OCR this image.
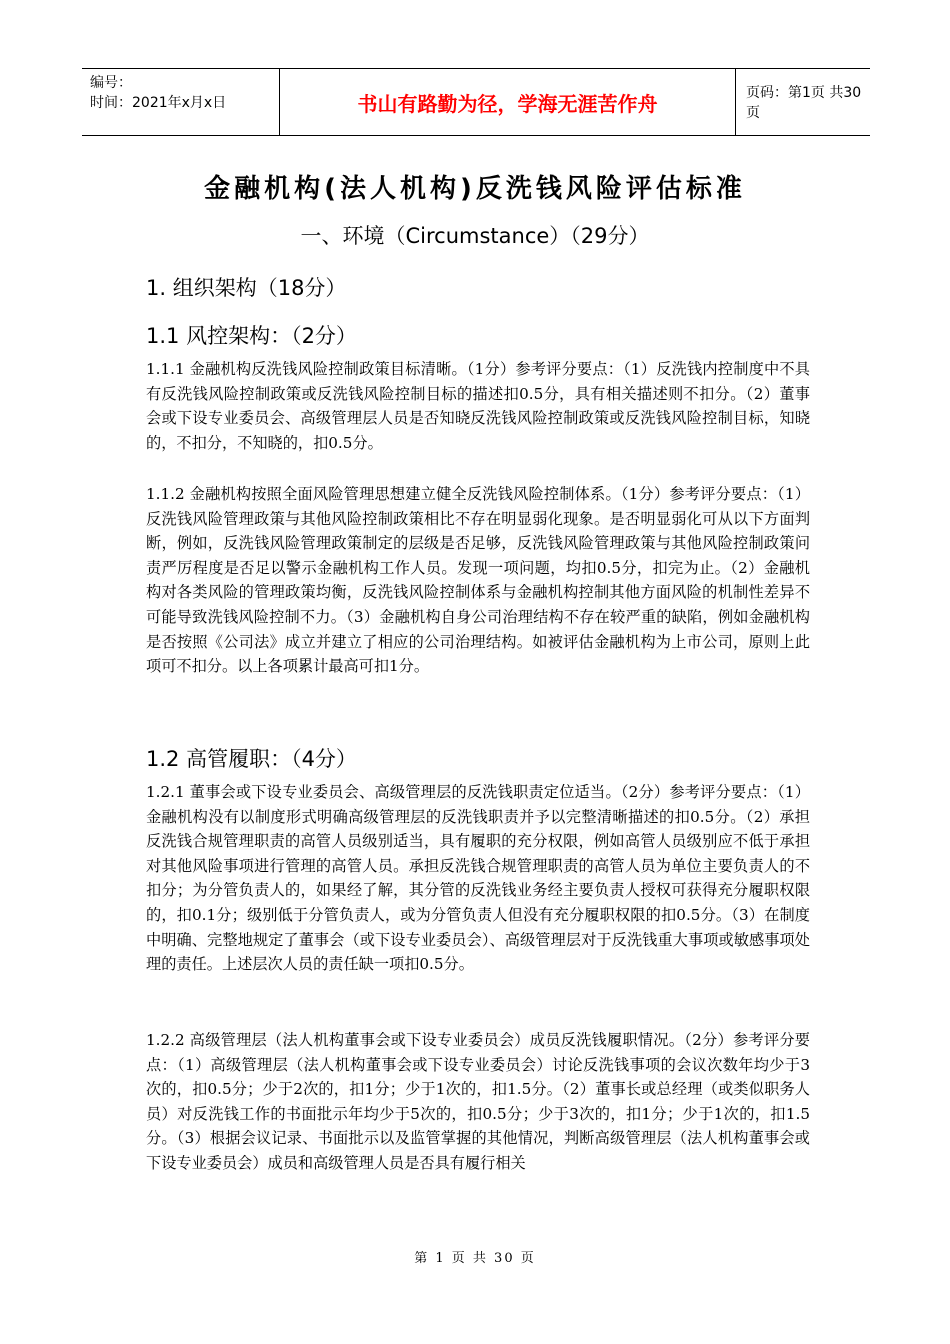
编号：
时间：2021年x月x日	书山有路勤为径，学海无涯苦作舟	页码：第1页 共30页
金融机构(法人机构)反洗钱风险评估标准
一、环境（Circumstance）（29分）
1. 组织架构（18分）
1.1 风控架构：（2分）
1.1.1 金融机构反洗钱风险控制政策目标清晰。（1分）参考评分要点：（1）反洗钱内控制度中不具有反洗钱风险控制政策或反洗钱风险控制目标的描述扣0.5分，具有相关描述则不扣分。（2）董事会或下设专业委员会、高级管理层人员是否知晓反洗钱风险控制政策或反洗钱风险控制目标，知晓的，不扣分，不知晓的，扣0.5分。
1.1.2 金融机构按照全面风险管理思想建立健全反洗钱风险控制体系。（1分）参考评分要点：（1）反洗钱风险管理政策与其他风险控制政策相比不存在明显弱化现象。是否明显弱化可从以下方面判断，例如，反洗钱风险管理政策制定的层级是否足够，反洗钱风险管理政策与其他风险控制政策问责严厉程度是否足以警示金融机构工作人员。发现一项问题，均扣0.5分，扣完为止。（2）金融机构对各类风险的管理政策均衡，反洗钱风险控制体系与金融机构控制其他方面风险的机制性差异不可能导致洗钱风险控制不力。（3）金融机构自身公司治理结构不存在较严重的缺陷，例如金融机构是否按照《公司法》成立并建立了相应的公司治理结构。如被评估金融机构为上市公司，原则上此项可不扣分。以上各项累计最高可扣1分。
1.2 高管履职：（4分）
1.2.1 董事会或下设专业委员会、高级管理层的反洗钱职责定位适当。（2分）参考评分要点：（1）金融机构没有以制度形式明确高级管理层的反洗钱职责并予以完整清晰描述的扣0.5分。（2）承担反洗钱合规管理职责的高管人员级别适当，具有履职的充分权限，例如高管人员级别应不低于承担对其他风险事项进行管理的高管人员。承担反洗钱合规管理职责的高管人员为单位主要负责人的不扣分；为分管负责人的，如果经了解，其分管的反洗钱业务经主要负责人授权可获得充分履职权限的，扣0.1分；级别低于分管负责人，或为分管负责人但没有充分履职权限的扣0.5分。（3）在制度中明确、完整地规定了董事会（或下设专业委员会）、高级管理层对于反洗钱重大事项或敏感事项处理的责任。上述层次人员的责任缺一项扣0.5分。
1.2.2 高级管理层（法人机构董事会或下设专业委员会）成员反洗钱履职情况。（2分）参考评分要点：（1）高级管理层（法人机构董事会或下设专业委员会）讨论反洗钱事项的会议次数年均少于3次的，扣0.5分；少于2次的，扣1分；少于1次的，扣1.5分。（2）董事长或总经理（或类似职务人员）对反洗钱工作的书面批示年均少于5次的，扣0.5分；少于3次的，扣1分；少于1次的，扣1.5分。（3）根据会议记录、书面批示以及监管掌握的其他情况，判断高级管理层（法人机构董事会或下设专业委员会）成员和高级管理人员是否具有履行相关
第 1 页 共 30 页
